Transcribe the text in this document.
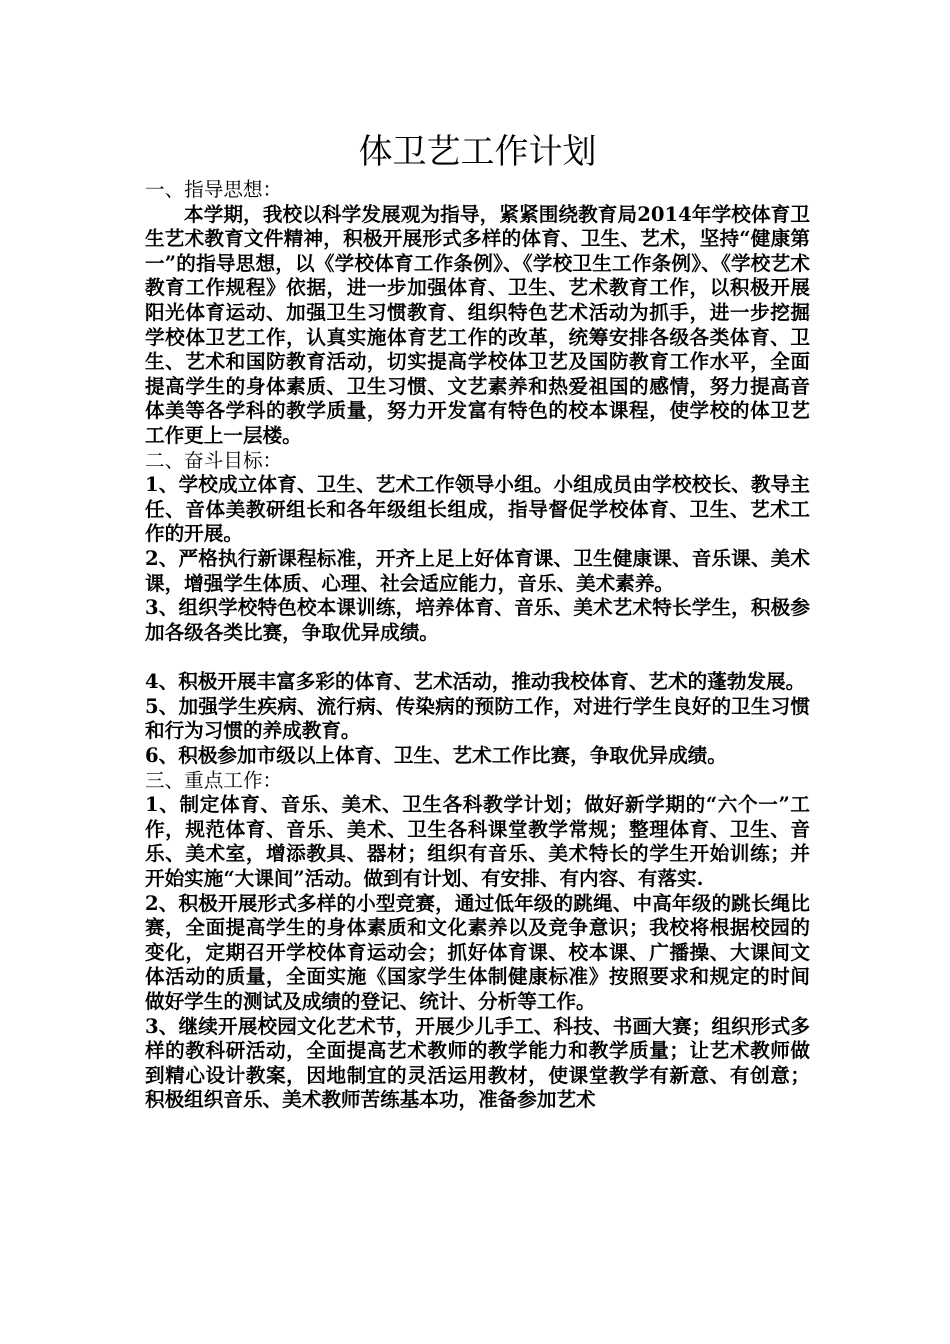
体卫艺工作计划

一、指导思想：

本学期，我校以科学发展观为指导，紧紧围绕教育局2014年学校体育卫生艺术教育文件精神，积极开展形式多样的体育、卫生、艺术，坚持“健康第一”的指导思想，以《学校体育工作条例》、《学校卫生工作条例》、《学校艺术教育工作规程》依据，进一步加强体育、卫生、艺术教育工作，以积极开展阳光体育运动、加强卫生习惯教育、组织特色艺术活动为抓手，进一步挖掘学校体卫艺工作，认真实施体育艺工作的改革，统筹安排各级各类体育、卫生、艺术和国防教育活动，切实提高学校体卫艺及国防教育工作水平，全面提高学生的身体素质、卫生习惯、文艺素养和热爱祖国的感情，努力提高音体美等各学科的教学质量，努力开发富有特色的校本课程，使学校的体卫艺工作更上一层楼。

二、奋斗目标：

1、学校成立体育、卫生、艺术工作领导小组。小组成员由学校校长、教导主任、音体美教研组长和各年级组长组成，指导督促学校体育、卫生、艺术工作的开展。

2、严格执行新课程标准，开齐上足上好体育课、卫生健康课、音乐课、美术课，增强学生体质、心理、社会适应能力，音乐、美术素养。

3、组织学校特色校本课训练，培养体育、音乐、美术艺术特长学生，积极参加各级各类比赛，争取优异成绩。

4、积极开展丰富多彩的体育、艺术活动，推动我校体育、艺术的蓬勃发展。

5、加强学生疾病、流行病、传染病的预防工作，对进行学生良好的卫生习惯和行为习惯的养成教育。

6、积极参加市级以上体育、卫生、艺术工作比赛，争取优异成绩。

三、重点工作：

1、制定体育、音乐、美术、卫生各科教学计划；做好新学期的“六个一”工作，规范体育、音乐、美术、卫生各科课堂教学常规；整理体育、卫生、音乐、美术室，增添教具、器材；组织有音乐、美术特长的学生开始训练；并开始实施“大课间”活动。做到有计划、有安排、有内容、有落实.

2、积极开展形式多样的小型竞赛，通过低年级的跳绳、中高年级的跳长绳比赛，全面提高学生的身体素质和文化素养以及竞争意识；我校将根据校园的变化，定期召开学校体育运动会；抓好体育课、校本课、广播操、大课间文体活动的质量，全面实施《国家学生体制健康标准》按照要求和规定的时间做好学生的测试及成绩的登记、统计、分析等工作。

3、继续开展校园文化艺术节，开展少儿手工、科技、书画大赛；组织形式多样的教科研活动，全面提高艺术教师的教学能力和教学质量；让艺术教师做到精心设计教案，因地制宜的灵活运用教材，使课堂教学有新意、有创意；积极组织音乐、美术教师苦练基本功，准备参加艺术
